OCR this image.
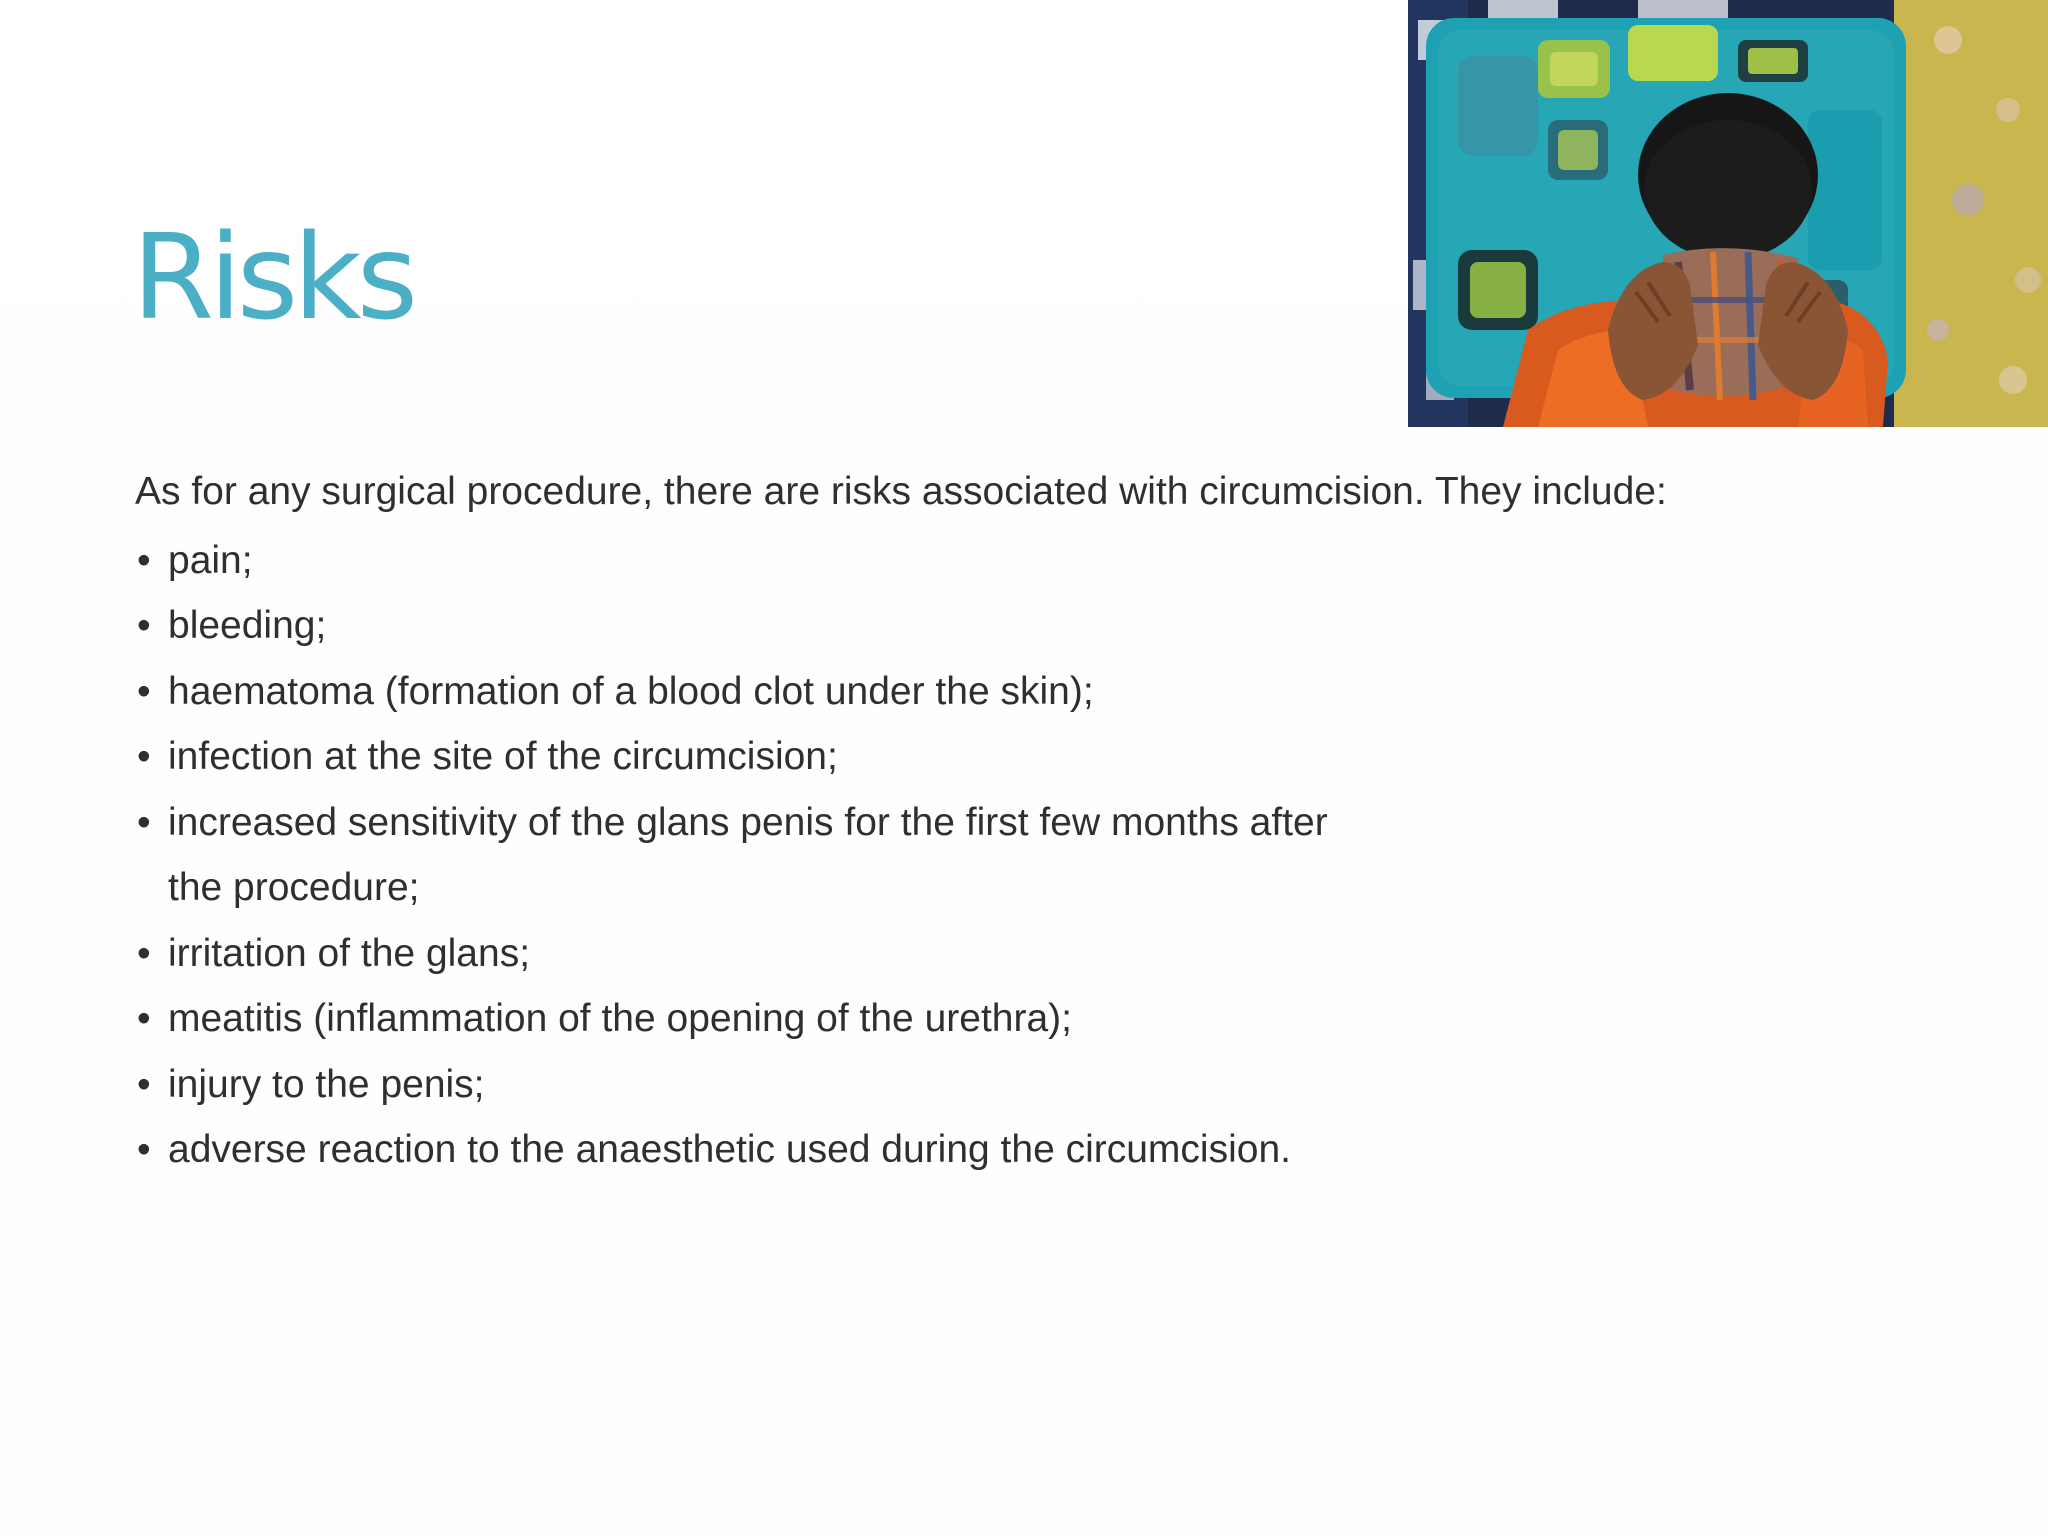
Risks

As for any surgical procedure, there are risks associated with circumcision. They include:

• pain;
• bleeding;
• haematoma (formation of a blood clot under the skin);
• infection at the site of the circumcision;
• increased sensitivity of the glans penis for the first few months after the procedure;
• irritation of the glans;
• meatitis (inflammation of the opening of the urethra);
• injury to the penis;
• adverse reaction to the anaesthetic used during the circumcision.
